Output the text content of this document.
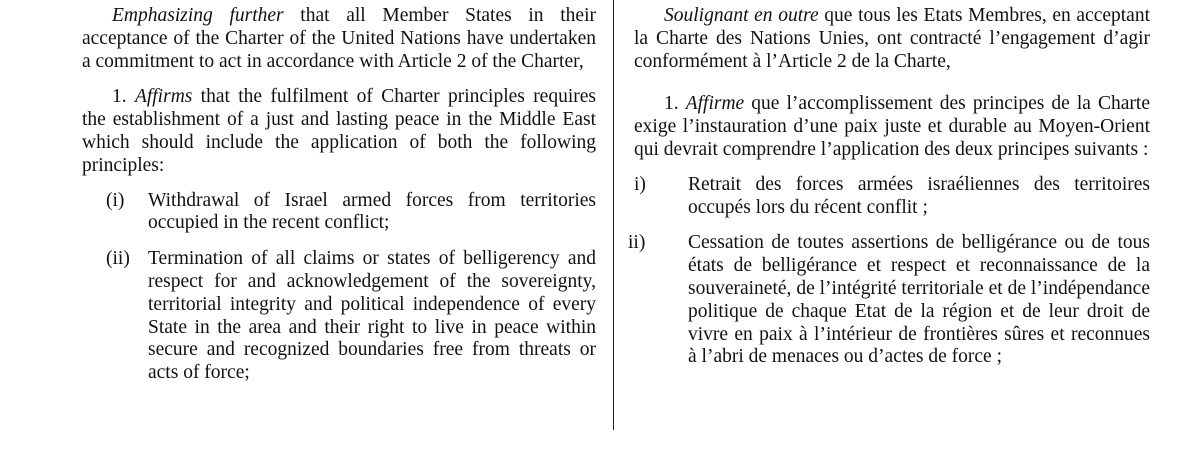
Emphasizing further that all Member States in their acceptance of the Charter of the United Nations have undertaken a commitment to act in accordance with Article 2 of the Charter,

1. Affirms that the fulfilment of Charter principles requires the establishment of a just and lasting peace in the Middle East which should include the application of both the following principles:

(i) Withdrawal of Israel armed forces from territories occupied in the recent conflict;
(ii) Termination of all claims or states of belligerency and respect for and acknowledgement of the sovereignty, territorial integrity and political independence of every State in the area and their right to live in peace within secure and recognized boundaries free from threats or acts of force;

Soulignant en outre que tous les Etats Membres, en acceptant la Charte des Nations Unies, ont contracté l’engagement d’agir conformément à l’Article 2 de la Charte,

1. Affirme que l’accomplissement des principes de la Charte exige l’instauration d’une paix juste et durable au Moyen-Orient qui devrait comprendre l’application des deux principes suivants :

i) Retrait des forces armées israéliennes des territoires occupés lors du récent conflit ;
ii) Cessation de toutes assertions de belligérance ou de tous états de belligérance et respect et reconnaissance de la souveraineté, de l’intégrité territoriale et de l’indépendance politique de chaque Etat de la région et de leur droit de vivre en paix à l’intérieur de frontières sûres et reconnues à l’abri de menaces ou d’actes de force ;
